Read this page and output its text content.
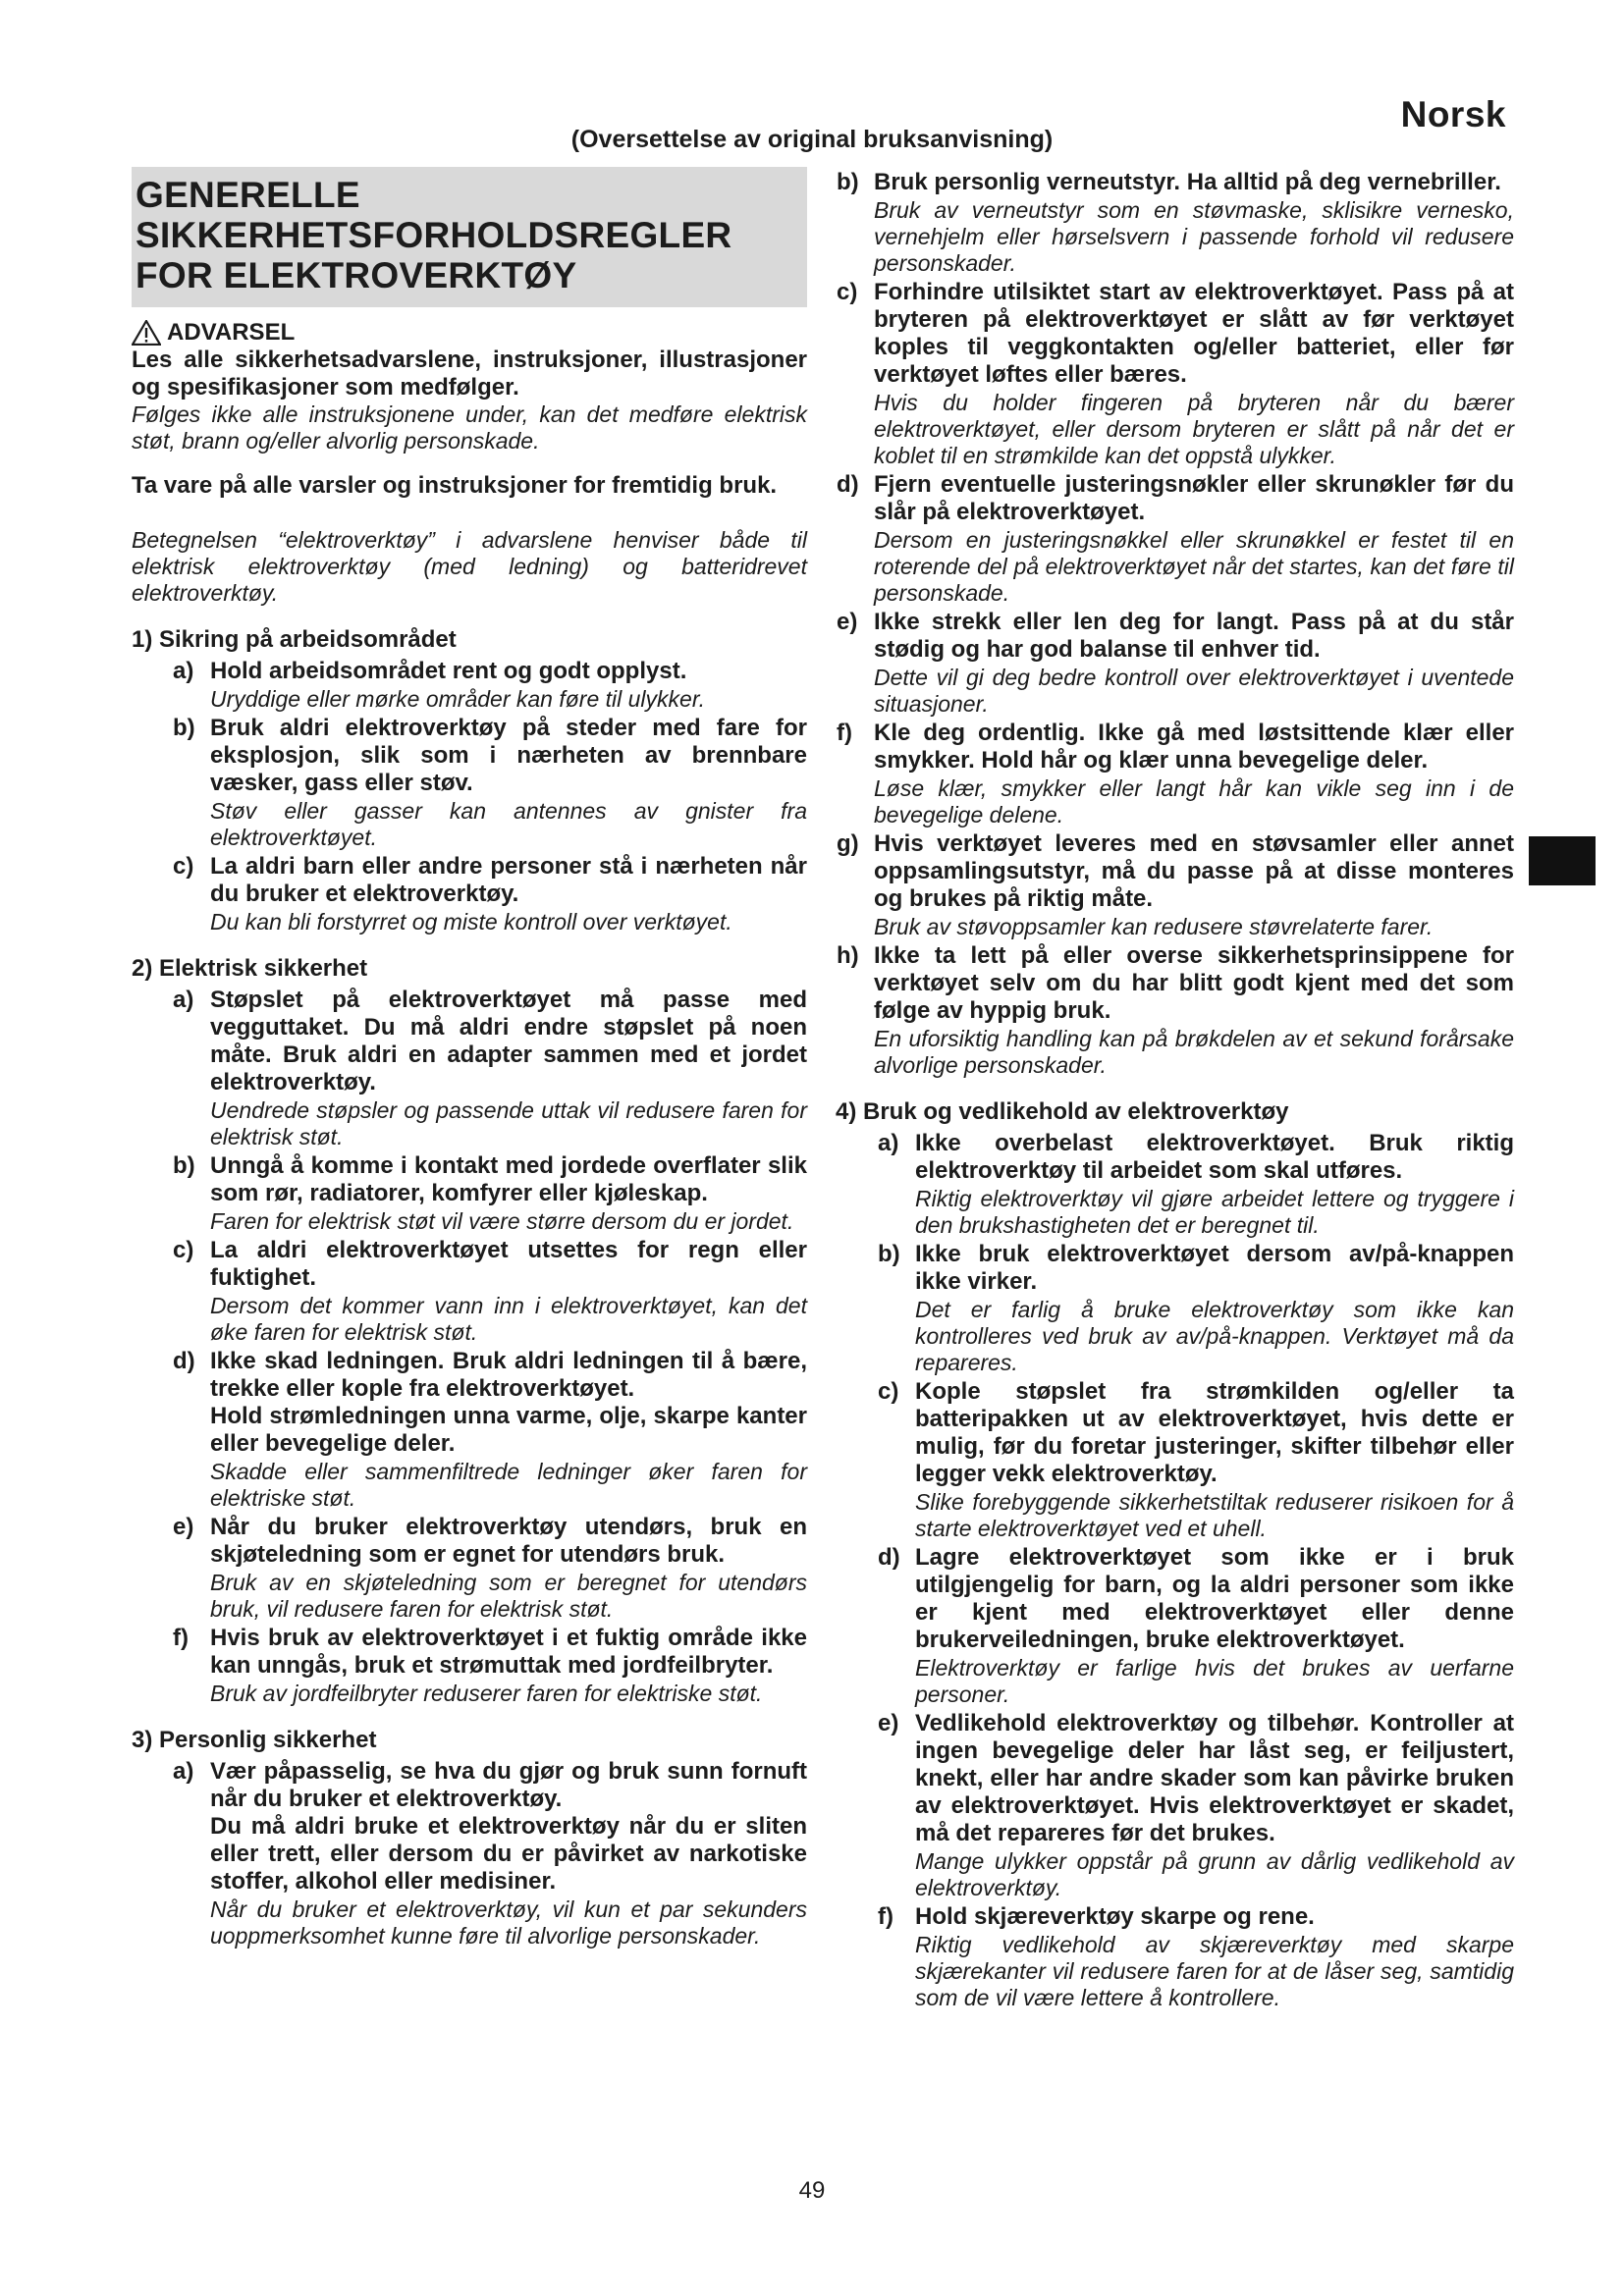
Norsk
(Oversettelse av original bruksanvisning)
GENERELLE
SIKKERHETSFORHOLDSREGLER
FOR ELEKTROVERKTØY
ADVARSEL

Les alle sikkerhetsadvarslene, instruksjoner, illustrasjoner og spesifikasjoner som medfølger.

Følges ikke alle instruksjonene under, kan det medføre elektrisk støt, brann og/eller alvorlig personskade.

Ta vare på alle varsler og instruksjoner for fremtidig bruk.

Betegnelsen “elektroverktøy” i advarslene henviser både til elektrisk elektroverktøy (med ledning) og batteridrevet elektroverktøy.

1) Sikring på arbeidsområdet
a) Hold arbeidsområdet rent og godt opplyst.

Uryddige eller mørke områder kan føre til ulykker.

b) Bruk aldri elektroverktøy på steder med fare for eksplosjon, slik som i nærheten av brennbare væsker, gass eller støv.

Støv eller gasser kan antennes av gnister fra elektroverktøyet.

c) La aldri barn eller andre personer stå i nærheten når du bruker et elektroverktøy.

Du kan bli forstyrret og miste kontroll over verktøyet.

2) Elektrisk sikkerhet
a) Støpslet på elektroverktøyet må passe med vegguttaket. Du må aldri endre støpslet på noen måte. Bruk aldri en adapter sammen med et jordet elektroverktøy.

Uendrede støpsler og passende uttak vil redusere faren for elektrisk støt.

b) Unngå å komme i kontakt med jordede overflater slik som rør, radiatorer, komfyrer eller kjøleskap.

Faren for elektrisk støt vil være større dersom du er jordet.

c) La aldri elektroverktøyet utsettes for regn eller fuktighet.

Dersom det kommer vann inn i elektroverktøyet, kan det øke faren for elektrisk støt.

d) Ikke skad ledningen. Bruk aldri ledningen til å bære, trekke eller kople fra elektroverktøyet.

Hold strømledningen unna varme, olje, skarpe kanter eller bevegelige deler.

Skadde eller sammenfiltrede ledninger øker faren for elektriske støt.

e) Når du bruker elektroverktøy utendørs, bruk en skjøteledning som er egnet for utendørs bruk.

Bruk av en skjøteledning som er beregnet for utendørs bruk, vil redusere faren for elektrisk støt.

f) Hvis bruk av elektroverktøyet i et fuktig område ikke kan unngås, bruk et strømuttak med jordfeilbryter.

Bruk av jordfeilbryter reduserer faren for elektriske støt.

3) Personlig sikkerhet
a) Vær påpasselig, se hva du gjør og bruk sunn fornuft når du bruker et elektroverktøy.

Du må aldri bruke et elektroverktøy når du er sliten eller trett, eller dersom du er påvirket av narkotiske stoffer, alkohol eller medisiner.

Når du bruker et elektroverktøy, vil kun et par sekunders uoppmerksomhet kunne føre til alvorlige personskader.

b) Bruk personlig verneutstyr. Ha alltid på deg vernebriller.

Bruk av verneutstyr som en støvmaske, sklisikre vernesko, vernehjelm eller hørselsvern i passende forhold vil redusere personskader.

c) Forhindre utilsiktet start av elektroverktøyet. Pass på at bryteren på elektroverktøyet er slått av før verktøyet koples til veggkontakten og/eller batteriet, eller før verktøyet løftes eller bæres.

Hvis du holder fingeren på bryteren når du bærer elektroverktøyet, eller dersom bryteren er slått på når det er koblet til en strømkilde kan det oppstå ulykker.

d) Fjern eventuelle justeringsnøkler eller skrunøkler før du slår på elektroverktøyet.

Dersom en justeringsnøkkel eller skrunøkkel er festet til en roterende del på elektroverktøyet når det startes, kan det føre til personskade.

e) Ikke strekk eller len deg for langt. Pass på at du står stødig og har god balanse til enhver tid.

Dette vil gi deg bedre kontroll over elektroverktøyet i uventede situasjoner.

f) Kle deg ordentlig. Ikke gå med løstsittende klær eller smykker. Hold hår og klær unna bevegelige deler.

Løse klær, smykker eller langt hår kan vikle seg inn i de bevegelige delene.

g) Hvis verktøyet leveres med en støvsamler eller annet oppsamlingsutstyr, må du passe på at disse monteres og brukes på riktig måte.

Bruk av støvoppsamler kan redusere støvrelaterte farer.

h) Ikke ta lett på eller overse sikkerhetsprinsippene for verktøyet selv om du har blitt godt kjent med det som følge av hyppig bruk.

En uforsiktig handling kan på brøkdelen av et sekund forårsake alvorlige personskader.

4) Bruk og vedlikehold av elektroverktøy
a) Ikke overbelast elektroverktøyet. Bruk riktig elektroverktøy til arbeidet som skal utføres.

Riktig elektroverktøy vil gjøre arbeidet lettere og tryggere i den brukshastigheten det er beregnet til.

b) Ikke bruk elektroverktøyet dersom av/på-knappen ikke virker.

Det er farlig å bruke elektroverktøy som ikke kan kontrolleres ved bruk av av/på-knappen. Verktøyet må da repareres.

c) Kople støpslet fra strømkilden og/eller ta batteripakken ut av elektroverktøyet, hvis dette er mulig, før du foretar justeringer, skifter tilbehør eller legger vekk elektroverktøy.

Slike forebyggende sikkerhetstiltak reduserer risikoen for å starte elektroverktøyet ved et uhell.

d) Lagre elektroverktøyet som ikke er i bruk utilgjengelig for barn, og la aldri personer som ikke er kjent med elektroverktøyet eller denne brukerveiledningen, bruke elektroverktøyet.

Elektroverktøy er farlige hvis det brukes av uerfarne personer.

e) Vedlikehold elektroverktøy og tilbehør. Kontroller at ingen bevegelige deler har låst seg, er feiljustert, knekt, eller har andre skader som kan påvirke bruken av elektroverktøyet. Hvis elektroverktøyet er skadet, må det repareres før det brukes.

Mange ulykker oppstår på grunn av dårlig vedlikehold av elektroverktøy.

f) Hold skjæreverktøy skarpe og rene.

Riktig vedlikehold av skjæreverktøy med skarpe skjærekanter vil redusere faren for at de låser seg, samtidig som de vil være lettere å kontrollere.

49
